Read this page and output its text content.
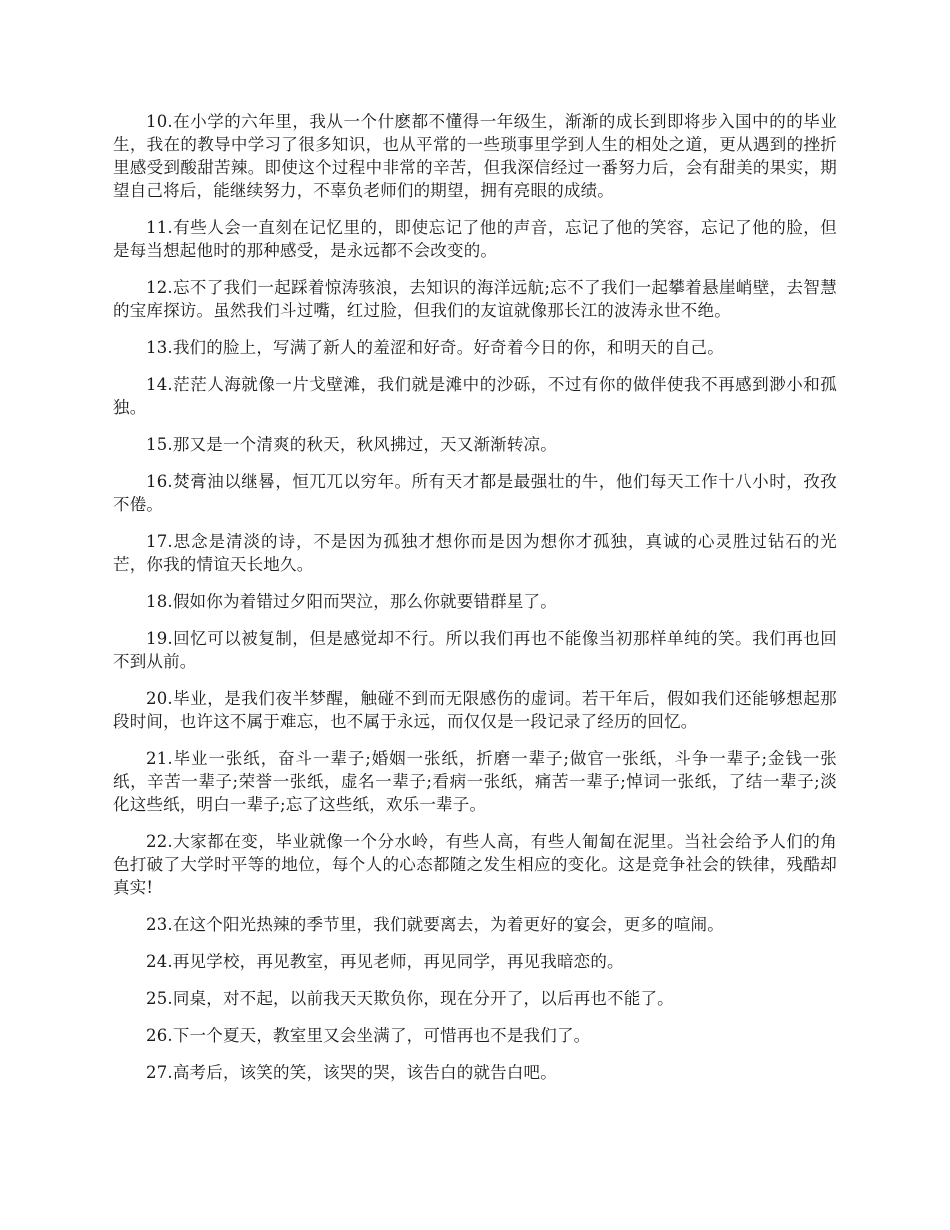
10.在小学的六年里，我从一个什麽都不懂得一年级生，渐渐的成长到即将步入国中的的毕业生，我在的教导中学习了很多知识，也从平常的一些琐事里学到人生的相处之道，更从遇到的挫折里感受到酸甜苦辣。即使这个过程中非常的辛苦，但我深信经过一番努力后，会有甜美的果实，期望自己将后，能继续努力，不辜负老师们的期望，拥有亮眼的成绩。

11.有些人会一直刻在记忆里的，即使忘记了他的声音，忘记了他的笑容，忘记了他的脸，但是每当想起他时的那种感受，是永远都不会改变的。

12.忘不了我们一起踩着惊涛骇浪，去知识的海洋远航;忘不了我们一起攀着悬崖峭壁，去智慧的宝库探访。虽然我们斗过嘴，红过脸，但我们的友谊就像那长江的波涛永世不绝。

13.我们的脸上，写满了新人的羞涩和好奇。好奇着今日的你，和明天的自己。

14.茫茫人海就像一片戈壁滩，我们就是滩中的沙砾，不过有你的做伴使我不再感到渺小和孤独。

15.那又是一个清爽的秋天，秋风拂过，天又渐渐转凉。

16.焚膏油以继晷，恒兀兀以穷年。所有天才都是最强壮的牛，他们每天工作十八小时，孜孜不倦。

17.思念是清淡的诗，不是因为孤独才想你而是因为想你才孤独，真诚的心灵胜过钻石的光芒，你我的情谊天长地久。

18.假如你为着错过夕阳而哭泣，那么你就要错群星了。

19.回忆可以被复制，但是感觉却不行。所以我们再也不能像当初那样单纯的笑。我们再也回不到从前。

20.毕业，是我们夜半梦醒，触碰不到而无限感伤的虚词。若干年后，假如我们还能够想起那段时间，也许这不属于难忘，也不属于永远，而仅仅是一段记录了经历的回忆。

21.毕业一张纸，奋斗一辈子;婚姻一张纸，折磨一辈子;做官一张纸，斗争一辈子;金钱一张纸，辛苦一辈子;荣誉一张纸，虚名一辈子;看病一张纸，痛苦一辈子;悼词一张纸，了结一辈子;淡化这些纸，明白一辈子;忘了这些纸，欢乐一辈子。

22.大家都在变，毕业就像一个分水岭，有些人高，有些人匍匐在泥里。当社会给予人们的角色打破了大学时平等的地位，每个人的心态都随之发生相应的变化。这是竞争社会的铁律，残酷却真实!

23.在这个阳光热辣的季节里，我们就要离去，为着更好的宴会，更多的喧闹。

24.再见学校，再见教室，再见老师，再见同学，再见我暗恋的。

25.同桌，对不起，以前我天天欺负你，现在分开了，以后再也不能了。

26.下一个夏天，教室里又会坐满了，可惜再也不是我们了。

27.高考后，该笑的笑，该哭的哭，该告白的就告白吧。
